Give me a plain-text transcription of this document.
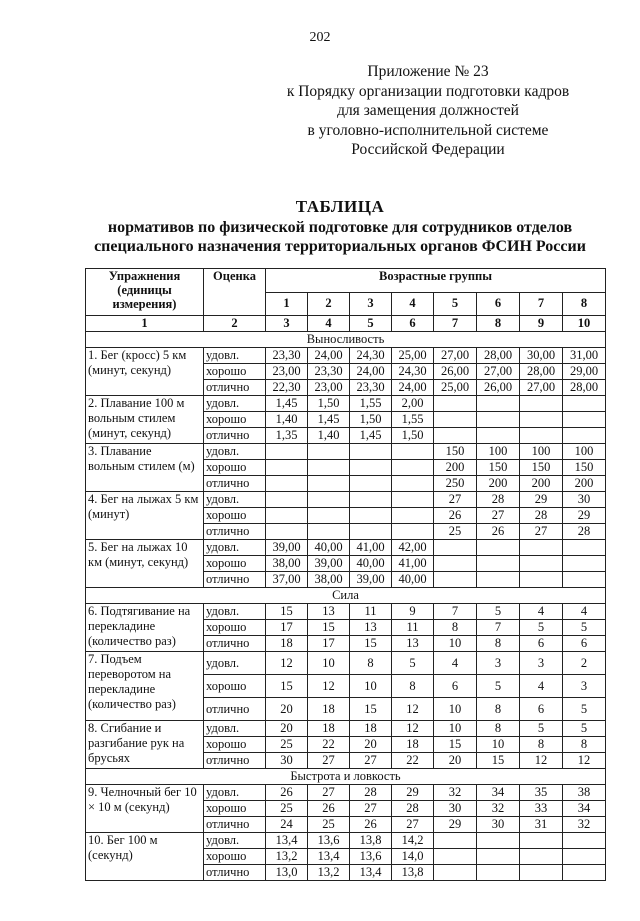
202
Приложение № 23
к Порядку организации подготовки кадров
для замещения должностей
в уголовно-исполнительной системе
Российской Федерации
ТАБЛИЦА
нормативов по физической подготовке для сотрудников отделов
специального назначения территориальных органов ФСИН России
Упражнения (единицы измерения)	Оценка	Возрастные группы							
		1	2	3	4	5	6	7	8
1	2	3	4	5	6	7	8	9	10
Выносливость									
1. Бег (кросс) 5 км (минут, секунд)	удовл.	23,30	24,00	24,30	25,00	27,00	28,00	30,00	31,00
	хорошо	23,00	23,30	24,00	24,30	26,00	27,00	28,00	29,00
	отлично	22,30	23,00	23,30	24,00	25,00	26,00	27,00	28,00
2. Плавание 100 м вольным стилем (минут, секунд)	удовл.	1,45	1,50	1,55	2,00				
	хорошо	1,40	1,45	1,50	1,55				
	отлично	1,35	1,40	1,45	1,50				
3. Плавание вольным стилем (м)	удовл.					150	100	100	100
	хорошо					200	150	150	150
	отлично					250	200	200	200
4. Бег на лыжах 5 км (минут)	удовл.					27	28	29	30
	хорошо					26	27	28	29
	отлично					25	26	27	28
5. Бег на лыжах 10 км (минут, секунд)	удовл.	39,00	40,00	41,00	42,00				
	хорошо	38,00	39,00	40,00	41,00				
	отлично	37,00	38,00	39,00	40,00				
Сила									
6. Подтягивание на перекладине (количество раз)	удовл.	15	13	11	9	7	5	4	4
	хорошо	17	15	13	11	8	7	5	5
	отлично	18	17	15	13	10	8	6	6
7. Подъем переворотом на перекладине (количество раз)	удовл.	12	10	8	5	4	3	3	2
	хорошо	15	12	10	8	6	5	4	3
	отлично	20	18	15	12	10	8	6	5
8. Сгибание и разгибание рук на брусьях	удовл.	20	18	18	12	10	8	5	5
	хорошо	25	22	20	18	15	10	8	8
	отлично	30	27	27	22	20	15	12	12
Быстрота и ловкость									
9. Челночный бег 10 × 10 м (секунд)	удовл.	26	27	28	29	32	34	35	38
	хорошо	25	26	27	28	30	32	33	34
	отлично	24	25	26	27	29	30	31	32
10. Бег 100 м (секунд)	удовл.	13,4	13,6	13,8	14,2				
	хорошо	13,2	13,4	13,6	14,0				
	отлично	13,0	13,2	13,4	13,8				
